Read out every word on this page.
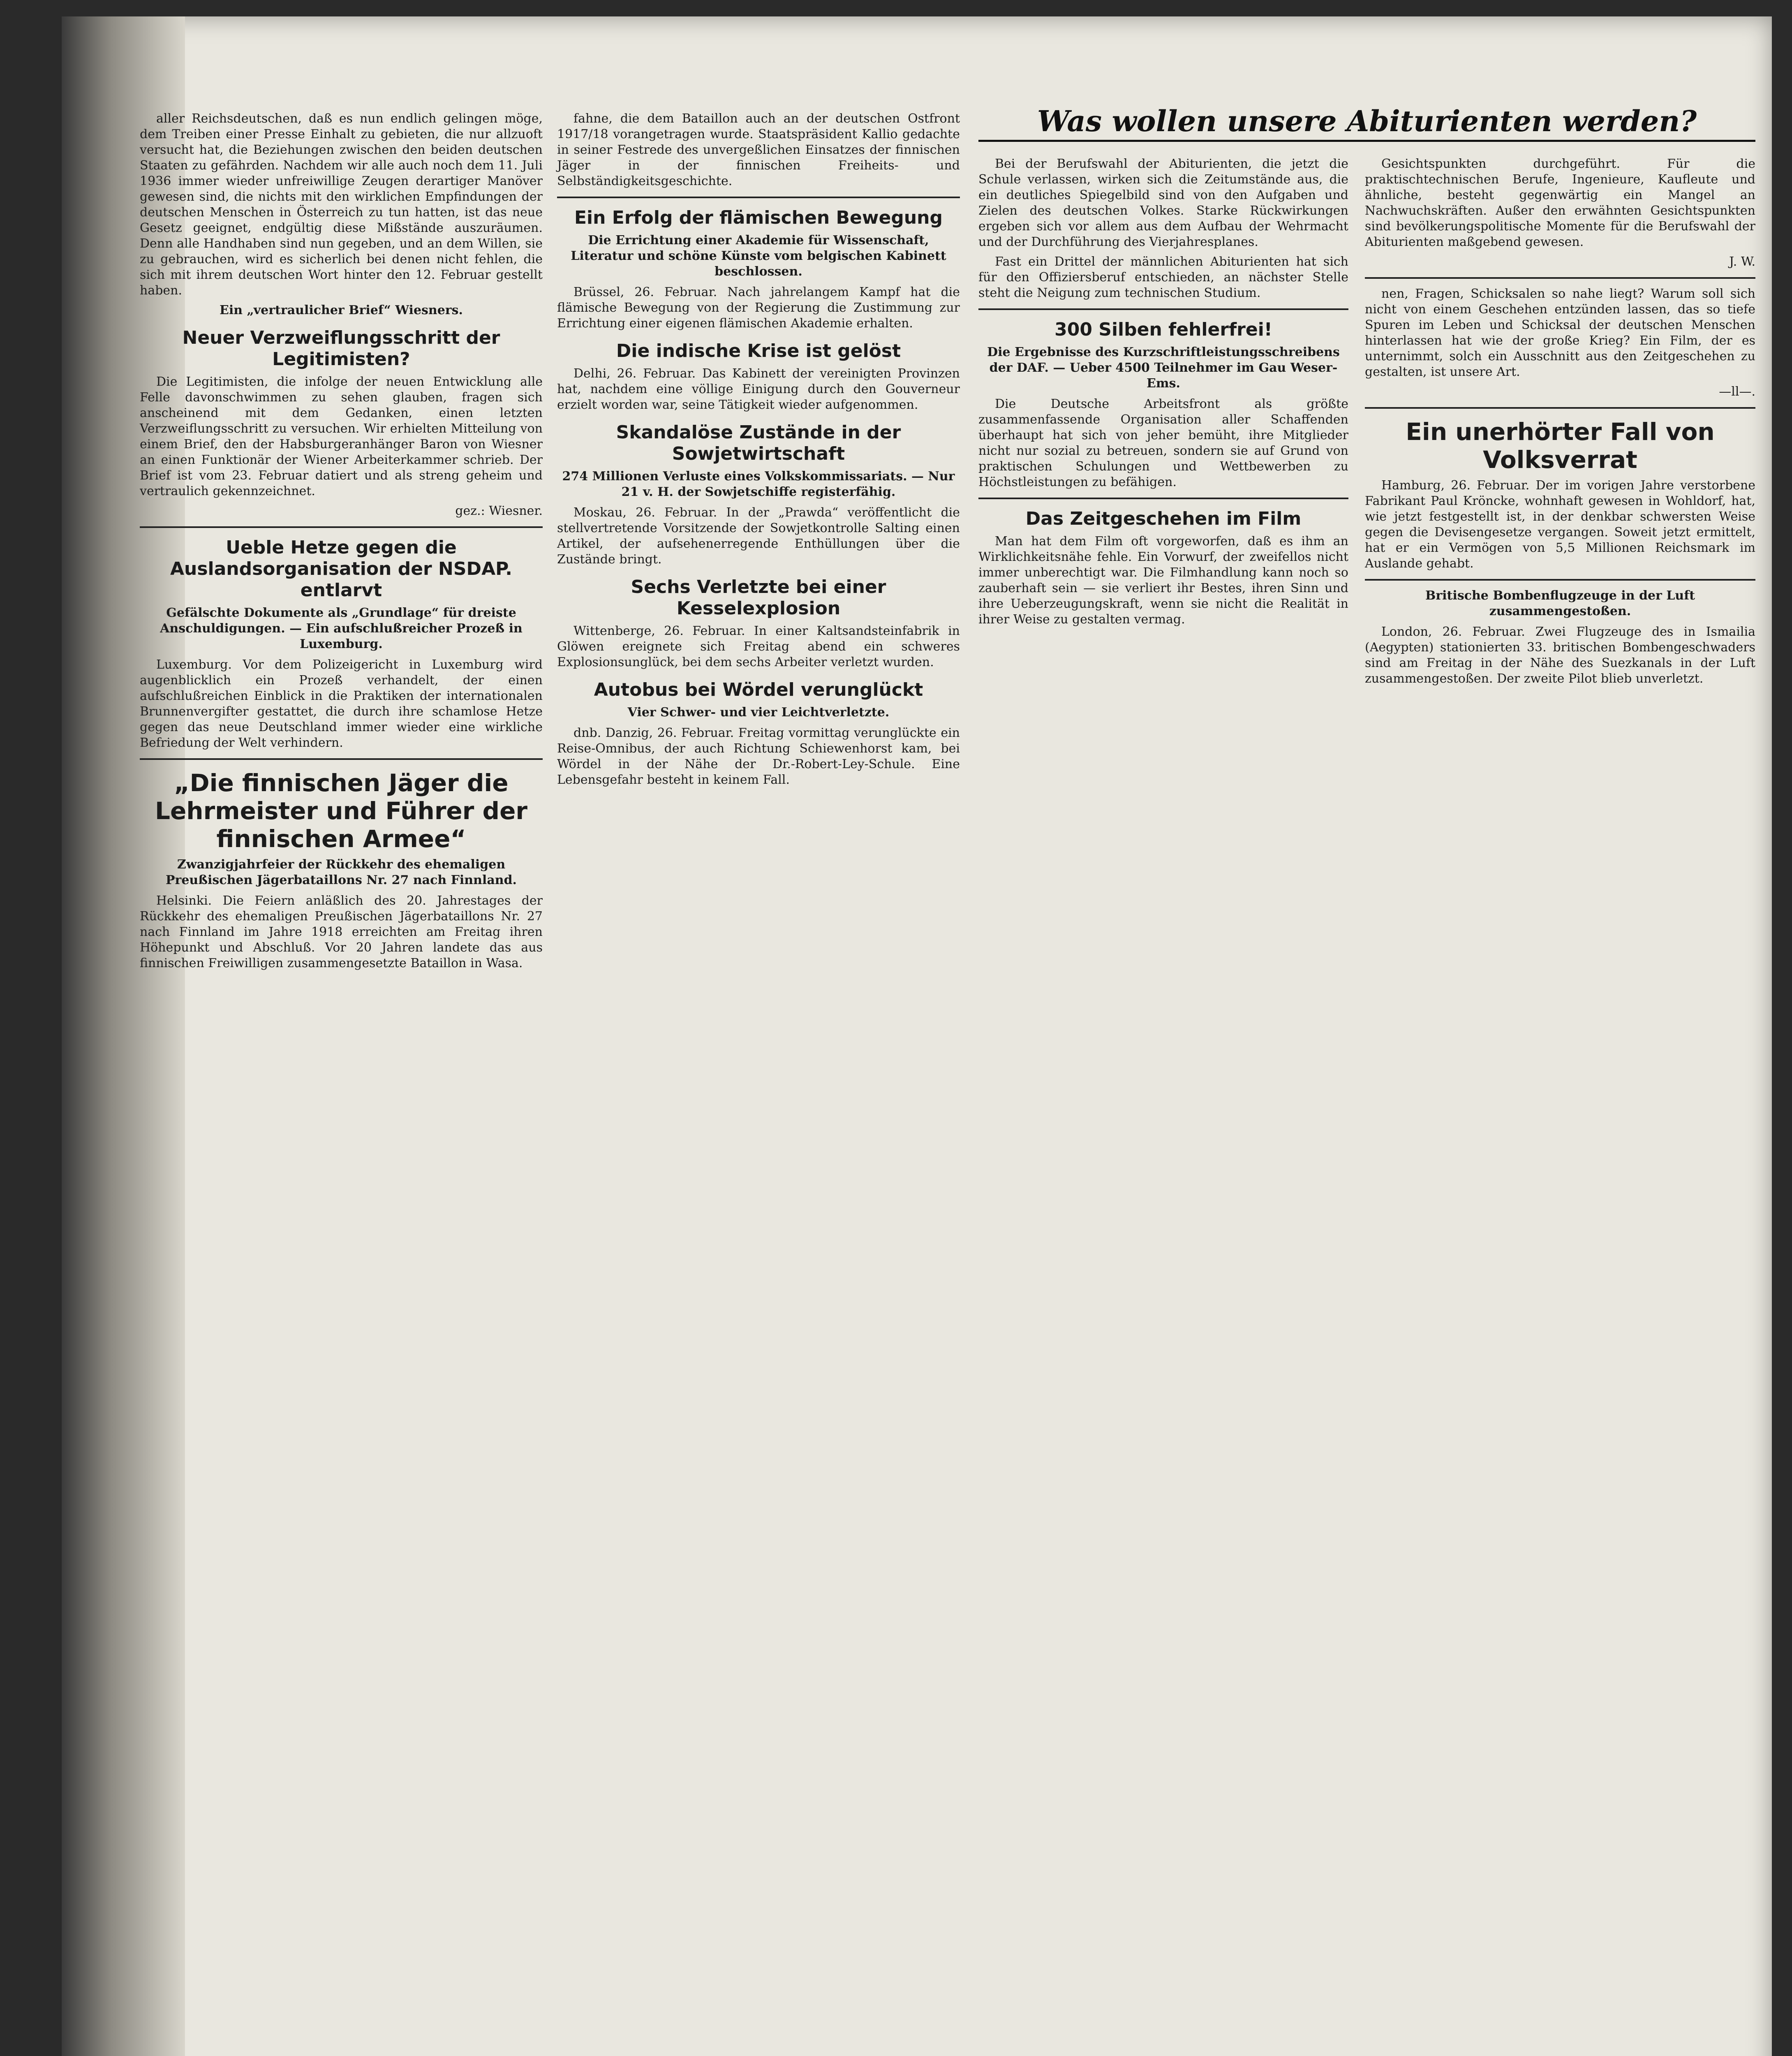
Was wollen unsere Abiturienten werden?

aller Reichsdeutschen, daß es nun endlich gelingen möge, dem Treiben einer Presse Einhalt zu gebieten, die nur allzuoft versucht hat, die Beziehungen zwischen den beiden deutschen Staaten zu gefährden. Nachdem wir alle auch noch dem 11. Juli 1936 immer wieder unfreiwillige Zeugen derartiger Manöver gewesen sind, die nichts mit den wirklichen Empfindungen der deutschen Menschen in Österreich zu tun hatten, ist das neue Gesetz geeignet, endgültig diese Mißstände auszuräumen. Denn alle Handhaben sind nun gegeben, und an dem Willen, sie zu gebrauchen, wird es sicherlich bei denen nicht fehlen, die sich mit ihrem deutschen Wort hinter den 12. Februar gestellt haben.

Ein „vertraulicher Brief“ Wiesners.

Neuer Verzweiflungsschritt der Legitimisten?

Die Legitimisten, die infolge der neuen Entwicklung alle Felle davonschwimmen zu sehen glauben, fragen sich anscheinend mit dem Gedanken, einen letzten Verzweiflungsschritt zu versuchen. Wir erhielten Mitteilung von einem Brief, den der Habsburgeranhänger Baron von Wiesner an einen Funktionär der Wiener Arbeiterkammer schrieb. Der Brief ist vom 23. Februar datiert und als streng geheim und vertraulich gekennzeichnet.

gez.: Wiesner.

Ueble Hetze gegen die Auslandsorganisation der NSDAP. entlarvt

Gefälschte Dokumente als „Grundlage“ für dreiste Anschuldigungen. — Ein aufschlußreicher Prozeß in Luxemburg.

Luxemburg. Vor dem Polizeigericht in Luxemburg wird augenblicklich ein Prozeß verhandelt, der einen aufschlußreichen Einblick in die Praktiken der internationalen Brunnenvergifter gestattet, die durch ihre schamlose Hetze gegen das neue Deutschland immer wieder eine wirkliche Befriedung der Welt verhindern.

„Die finnischen Jäger die Lehrmeister und Führer der finnischen Armee“

Zwanzigjahrfeier der Rückkehr des ehemaligen Preußischen Jägerbataillons Nr. 27 nach Finnland.

Helsinki. Die Feiern anläßlich des 20. Jahrestages der Rückkehr des ehemaligen Preußischen Jägerbataillons Nr. 27 nach Finnland im Jahre 1918 erreichten am Freitag ihren Höhepunkt und Abschluß. Vor 20 Jahren landete das aus finnischen Freiwilligen zusammengesetzte Bataillon in Wasa.

fahne, die dem Bataillon auch an der deutschen Ostfront 1917/18 vorangetragen wurde. Staatspräsident Kallio gedachte in seiner Festrede des unvergeßlichen Einsatzes der finnischen Jäger in der finnischen Freiheits- und Selbständigkeitsgeschichte.

Ein Erfolg der flämischen Bewegung

Die Errichtung einer Akademie für Wissenschaft, Literatur und schöne Künste vom belgischen Kabinett beschlossen.

Brüssel, 26. Februar. Nach jahrelangem Kampf hat die flämische Bewegung von der Regierung die Zustimmung zur Errichtung einer eigenen flämischen Akademie erhalten.

Die indische Krise ist gelöst

Delhi, 26. Februar. Das Kabinett der vereinigten Provinzen hat, nachdem eine völlige Einigung durch den Gouverneur erzielt worden war, seine Tätigkeit wieder aufgenommen.

Skandalöse Zustände in der Sowjetwirtschaft

274 Millionen Verluste eines Volkskommissariats. — Nur 21 v. H. der Sowjetschiffe registerfähig.

Moskau, 26. Februar. In der „Prawda“ veröffentlicht die stellvertretende Vorsitzende der Sowjetkontrolle Salting einen Artikel, der aufsehenerregende Enthüllungen über die Zustände bringt.

Sechs Verletzte bei einer Kesselexplosion

Wittenberge, 26. Februar. In einer Kaltsandsteinfabrik in Glöwen ereignete sich Freitag abend ein schweres Explosionsunglück, bei dem sechs Arbeiter verletzt wurden.

Autobus bei Wördel verunglückt

Vier Schwer- und vier Leichtverletzte.

dnb. Danzig, 26. Februar. Freitag vormittag verunglückte ein Reise-Omnibus, der auch Richtung Schiewenhorst kam, bei Wördel in der Nähe der Dr.-Robert-Ley-Schule. Eine Lebensgefahr besteht in keinem Fall.

Bei der Berufswahl der Abiturienten, die jetzt die Schule verlassen, wirken sich die Zeitumstände aus, die ein deutliches Spiegelbild sind von den Aufgaben und Zielen des deutschen Volkes. Starke Rückwirkungen ergeben sich vor allem aus dem Aufbau der Wehrmacht und der Durchführung des Vierjahresplanes.

Fast ein Drittel der männlichen Abiturienten hat sich für den Offiziersberuf entschieden, an nächster Stelle steht die Neigung zum technischen Studium.

300 Silben fehlerfrei!

Die Ergebnisse des Kurzschriftleistungsschreibens der DAF. — Ueber 4500 Teilnehmer im Gau Weser-Ems.

Die Deutsche Arbeitsfront als größte zusammenfassende Organisation aller Schaffenden überhaupt hat sich von jeher bemüht, ihre Mitglieder nicht nur sozial zu betreuen, sondern sie auf Grund von praktischen Schulungen und Wettbewerben zu Höchstleistungen zu befähigen.

Das Zeitgeschehen im Film

Man hat dem Film oft vorgeworfen, daß es ihm an Wirklichkeitsnähe fehle. Ein Vorwurf, der zweifellos nicht immer unberechtigt war. Die Filmhandlung kann noch so zauberhaft sein — sie verliert ihr Bestes, ihren Sinn und ihre Ueberzeugungskraft, wenn sie nicht die Realität in ihrer Weise zu gestalten vermag.

Gesichtspunkten durchgeführt. Für die praktischtechnischen Berufe, Ingenieure, Kaufleute und ähnliche, besteht gegenwärtig ein Mangel an Nachwuchskräften. Außer den erwähnten Gesichtspunkten sind bevölkerungspolitische Momente für die Berufswahl der Abiturienten maßgebend gewesen.

J. W.

nen, Fragen, Schicksalen so nahe liegt? Warum soll sich nicht von einem Geschehen entzünden lassen, das so tiefe Spuren im Leben und Schicksal der deutschen Menschen hinterlassen hat wie der große Krieg? Ein Film, der es unternimmt, solch ein Ausschnitt aus den Zeitgeschehen zu gestalten, ist unsere Art.

—ll—.

Ein unerhörter Fall von Volksverrat

Hamburg, 26. Februar. Der im vorigen Jahre verstorbene Fabrikant Paul Kröncke, wohnhaft gewesen in Wohldorf, hat, wie jetzt festgestellt ist, in der denkbar schwersten Weise gegen die Devisengesetze vergangen. Soweit jetzt ermittelt, hat er ein Vermögen von 5,5 Millionen Reichsmark im Auslande gehabt.

Britische Bombenflugzeuge in der Luft zusammengestoßen.

London, 26. Februar. Zwei Flugzeuge des in Ismailia (Aegypten) stationierten 33. britischen Bombengeschwaders sind am Freitag in der Nähe des Suezkanals in der Luft zusammengestoßen. Der zweite Pilot blieb unverletzt.
